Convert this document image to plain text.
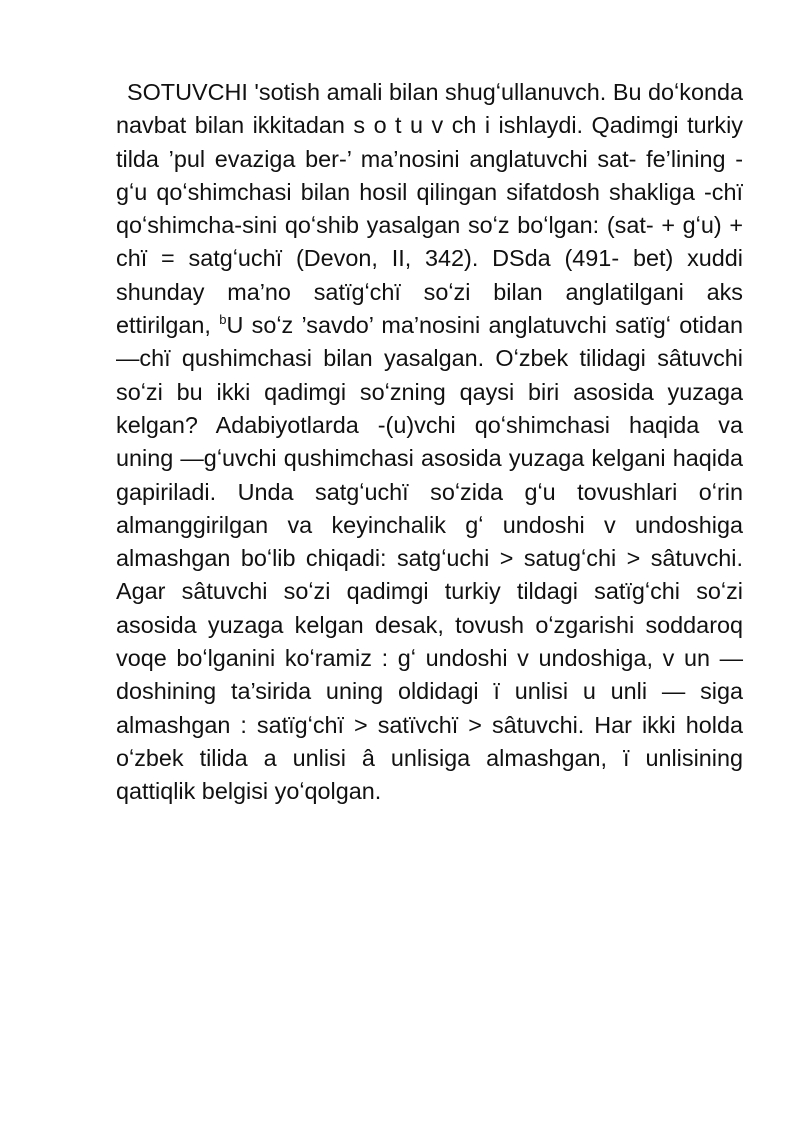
SOTUVCHI 'sotish amali bilan shugʻullanuvch. Bu doʻkonda navbat bilan ikkitadan s o t u v ch i ishlaydi. Qadimgi turkiy tilda ’pul evaziga ber-’ ma’nosini anglatuvchi sat- fe’lining -gʻu qoʻshimchasi bilan hosil qilingan sifatdosh shakliga -chï qoʻshimcha-sini qoʻshib yasalgan soʻz boʻlgan: (sat- + gʻu) + chï = satgʻuchï (Devon, II, 342). DSda (491- bet) xuddi shunday ma’no satïgʻchï soʻzi bilan anglatilgani aks ettirilgan, $^b$U soʻz ’savdo’ ma’nosini anglatuvchi satïgʻ otidan —chï qushimchasi bilan yasalgan. Oʻzbek tilidagi sâtuvchi soʻzi bu ikki qadimgi soʻzning qaysi biri asosida yuzaga kelgan? Adabiyotlarda -(u)vchi qoʻshimchasi haqida va uning —gʻuvchi qushimchasi asosida yuzaga kelgani haqida gapiriladi. Unda satgʻuchï soʻzida gʻu tovushlari oʻrin almanggirilgan va keyinchalik gʻ undoshi v undoshiga almashgan boʻlib chiqadi: satgʻuchi > satugʻchi > sâtuvchi. Agar sâtuvchi soʻzi qadimgi turkiy tildagi satïgʻchi soʻzi asosida yuzaga kelgan desak, tovush oʻzgarishi soddaroq voqe boʻlganini koʻramiz : gʻ undoshi v undoshiga, v un — doshining ta’sirida uning oldidagi ï unlisi u unli — siga almashgan : satïgʻchï > satïvchï > sâtuvchi. Har ikki holda oʻzbek tilida a unlisi â unlisiga almashgan, ï unlisining qattiqlik belgisi yoʻqolgan.
